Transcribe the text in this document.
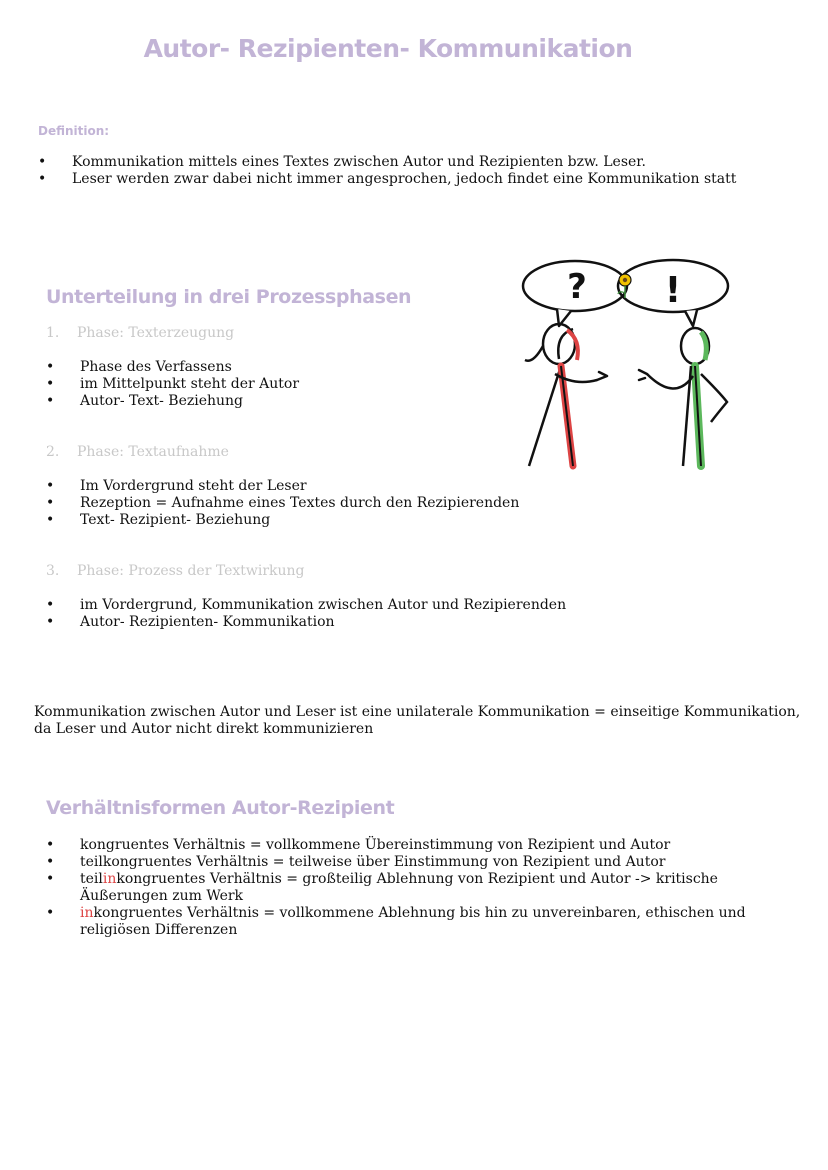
Autor- Rezipienten- Kommunikation
Definition:
• Kommunikation mittels eines Textes zwischen Autor und Rezipienten bzw. Leser.
• Leser werden zwar dabei nicht immer angesprochen, jedoch findet eine Kommunikation statt
Unterteilung in drei Prozessphasen
1. Phase: Texterzeugung
• Phase des Verfassens
• im Mittelpunkt steht der Autor
• Autor- Text- Beziehung
2. Phase: Textaufnahme
• Im Vordergrund steht der Leser
• Rezeption = Aufnahme eines Textes durch den Rezipierenden
• Text- Rezipient- Beziehung
3. Phase: Prozess der Textwirkung
• im Vordergrund, Kommunikation zwischen Autor und Rezipierenden
• Autor- Rezipienten- Kommunikation
? !
Kommunikation zwischen Autor und Leser ist eine unilaterale Kommunikation = einseitige Kommunikation, da Leser und Autor nicht direkt kommunizieren
Verhältnisformen Autor-Rezipient
• kongruentes Verhältnis = vollkommene Übereinstimmung von Rezipient und Autor
• teilkongruentes Verhältnis = teilweise über Einstimmung von Rezipient und Autor
• teilinkongruentes Verhältnis = großteilig Ablehnung von Rezipient und Autor -> kritische Äußerungen zum Werk
• inkongruentes Verhältnis = vollkommene Ablehnung bis hin zu unvereinbaren, ethischen und religiösen Differenzen
